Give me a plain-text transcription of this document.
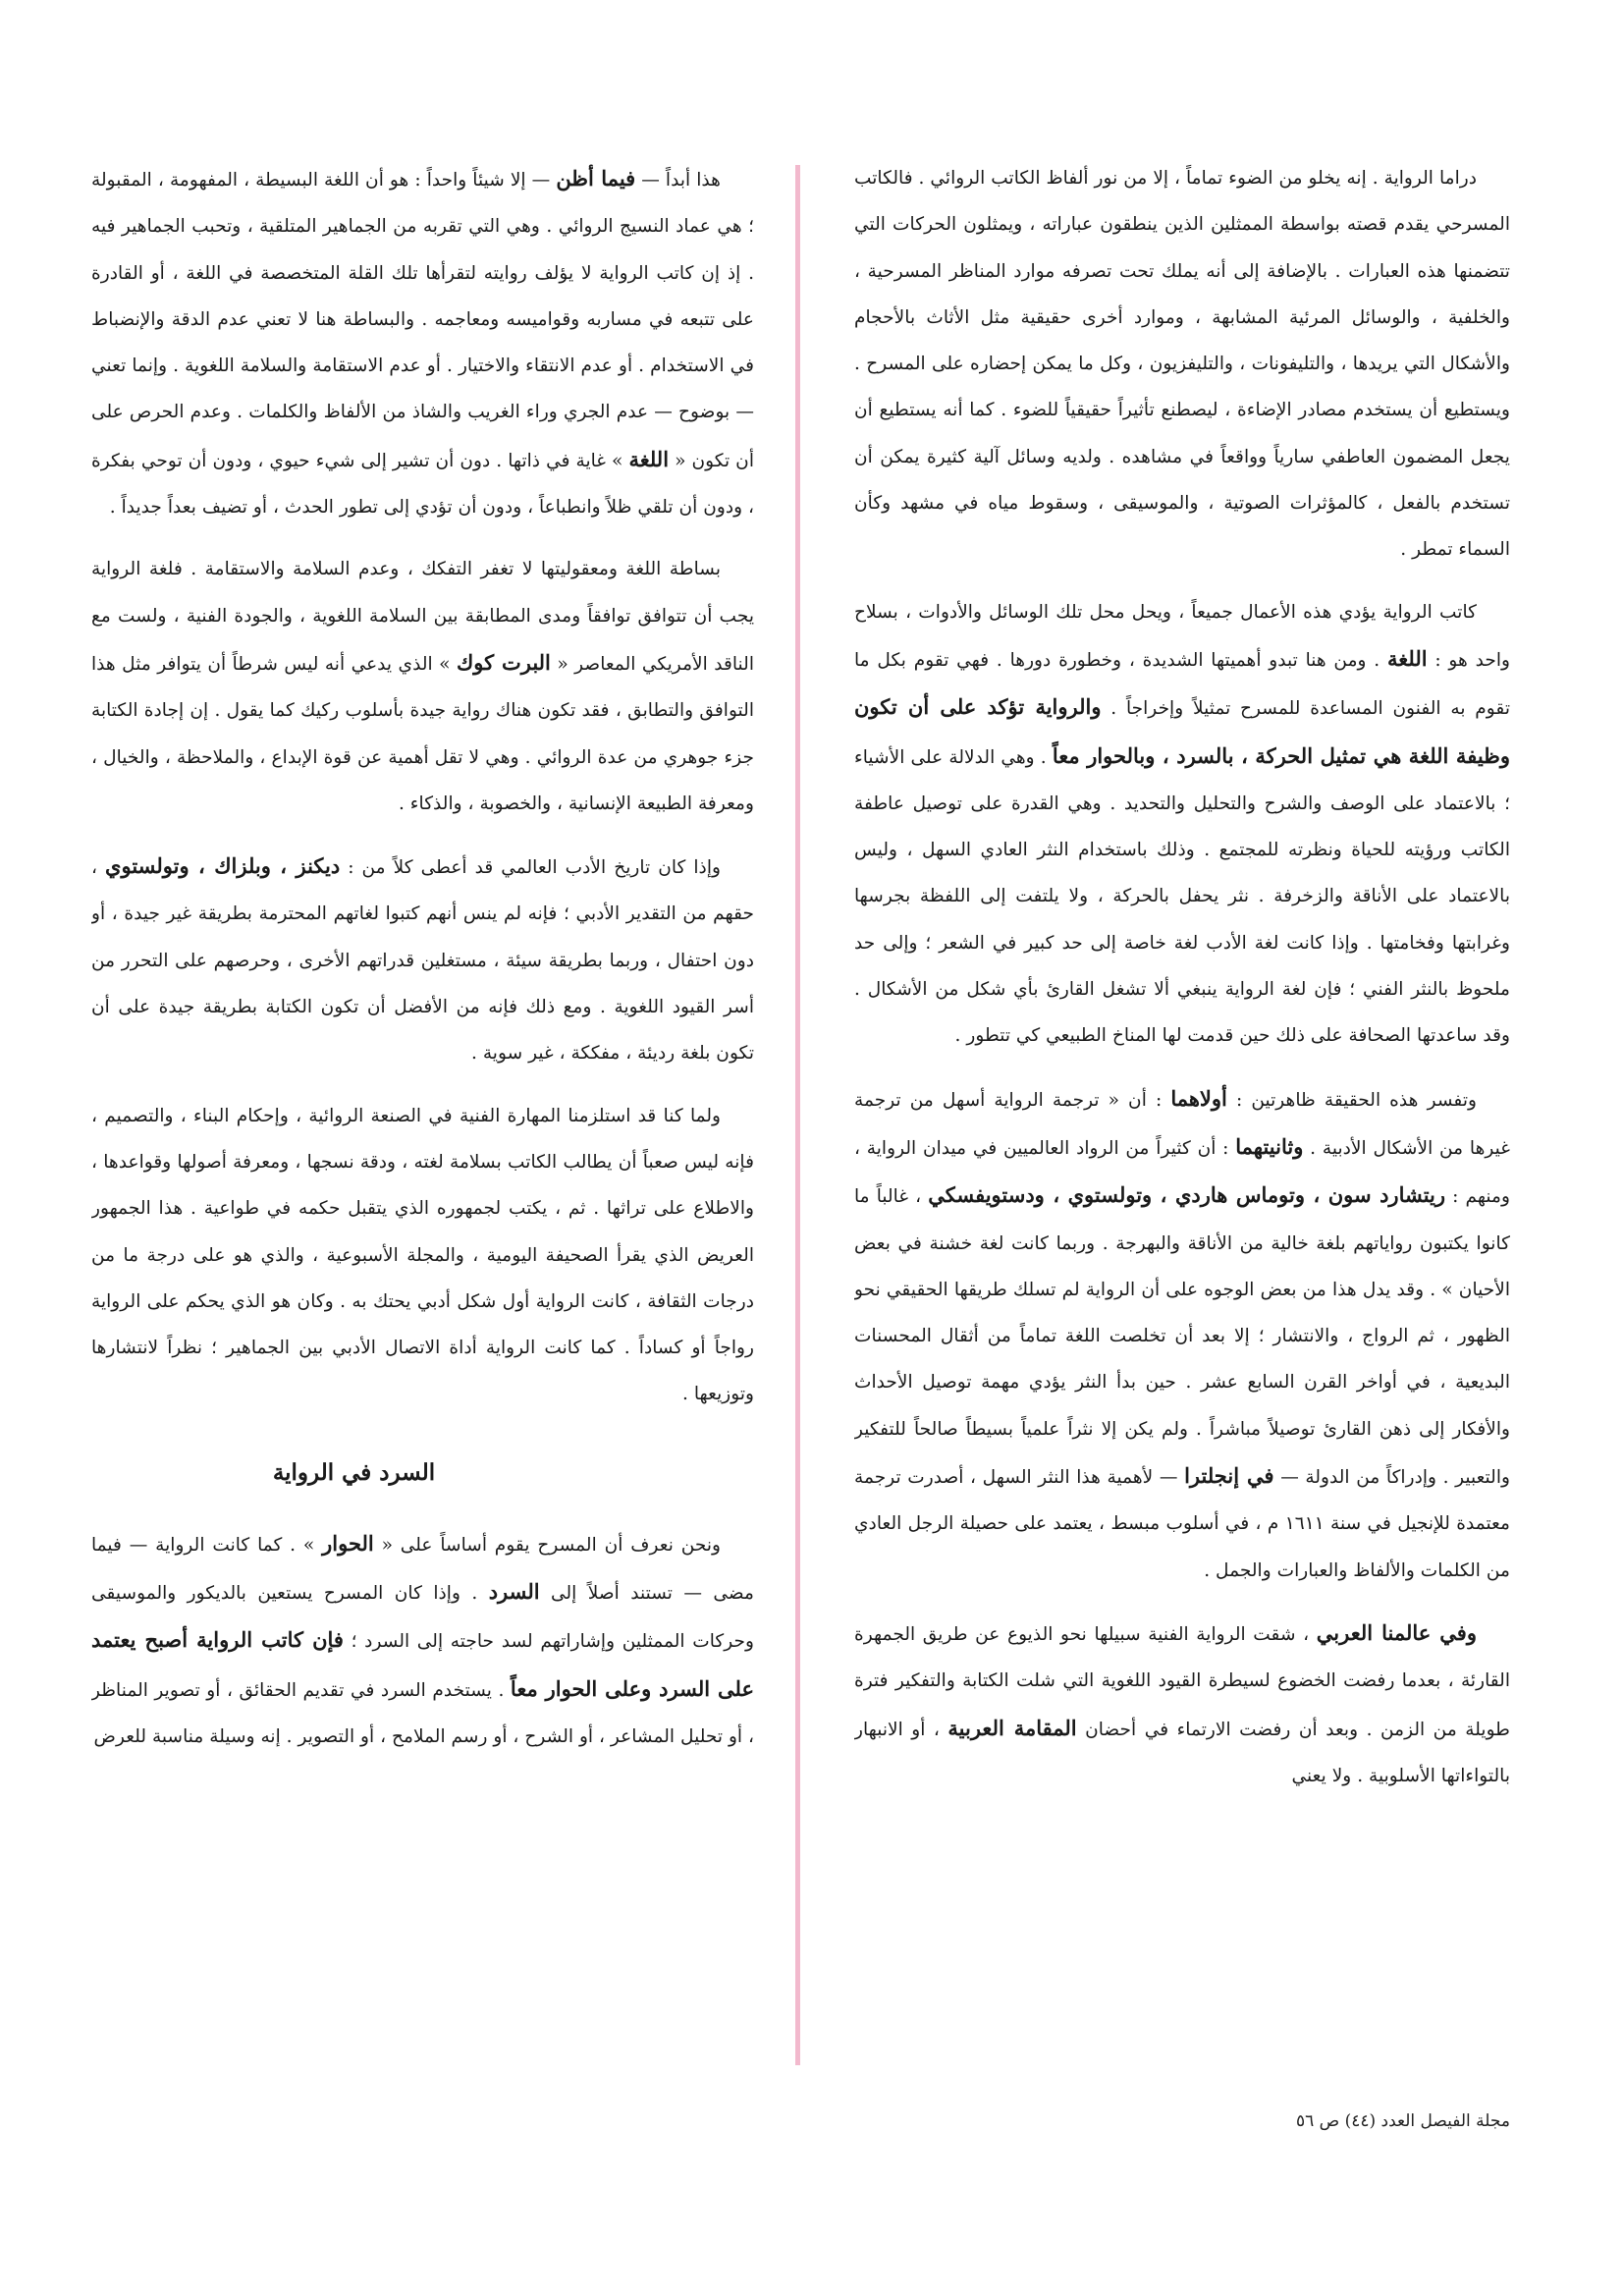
دراما الرواية . إنه يخلو من الضوء تماماً ، إلا من نور ألفاظ الكاتب الروائي . فالكاتب المسرحي يقدم قصته بواسطة الممثلين الذين ينطقون عباراته ، ويمثلون الحركات التي تتضمنها هذه العبارات . بالإضافة إلى أنه يملك تحت تصرفه موارد المناظر المسرحية ، والخلفية ، والوسائل المرئية المشابهة ، وموارد أخرى حقيقية مثل الأثاث بالأحجام والأشكال التي يريدها ، والتليفونات ، والتليفزيون ، وكل ما يمكن إحضاره على المسرح . ويستطيع أن يستخدم مصادر الإضاءة ، ليصطنع تأثيراً حقيقياً للضوء . كما أنه يستطيع أن يجعل المضمون العاطفي سارياً وواقعاً في مشاهده . ولديه وسائل آلية كثيرة يمكن أن تستخدم بالفعل ، كالمؤثرات الصوتية ، والموسيقى ، وسقوط مياه في مشهد وكأن السماء تمطر .

كاتب الرواية يؤدي هذه الأعمال جميعاً ، ويحل محل تلك الوسائل والأدوات ، بسلاح واحد هو : اللغة . ومن هنا تبدو أهميتها الشديدة ، وخطورة دورها . فهي تقوم بكل ما تقوم به الفنون المساعدة للمسرح تمثيلاً وإخراجاً . والرواية تؤكد على أن تكون وظيفة اللغة هي تمثيل الحركة ، بالسرد ، وبالحوار معاً . وهي الدلالة على الأشياء ؛ بالاعتماد على الوصف والشرح والتحليل والتحديد . وهي القدرة على توصيل عاطفة الكاتب ورؤيته للحياة ونظرته للمجتمع . وذلك باستخدام النثر العادي السهل ، وليس بالاعتماد على الأناقة والزخرفة . نثر يحفل بالحركة ، ولا يلتفت إلى اللفظة بجرسها وغرابتها وفخامتها . وإذا كانت لغة الأدب لغة خاصة إلى حد كبير في الشعر ؛ وإلى حد ملحوظ بالنثر الفني ؛ فإن لغة الرواية ينبغي ألا تشغل القارئ بأي شكل من الأشكال . وقد ساعدتها الصحافة على ذلك حين قدمت لها المناخ الطبيعي كي تتطور .

وتفسر هذه الحقيقة ظاهرتين : أولاهما : أن « ترجمة الرواية أسهل من ترجمة غيرها من الأشكال الأدبية . وثانيتهما : أن كثيراً من الرواد العالميين في ميدان الرواية ، ومنهم : ريتشارد سون ، وتوماس هاردي ، وتولستوي ، ودستويفسكي ، غالباً ما كانوا يكتبون رواياتهم بلغة خالية من الأناقة والبهرجة . وربما كانت لغة خشنة في بعض الأحيان » . وقد يدل هذا من بعض الوجوه على أن الرواية لم تسلك طريقها الحقيقي نحو الظهور ، ثم الرواج ، والانتشار ؛ إلا بعد أن تخلصت اللغة تماماً من أثقال المحسنات البديعية ، في أواخر القرن السابع عشر . حين بدأ النثر يؤدي مهمة توصيل الأحداث والأفكار إلى ذهن القارئ توصيلاً مباشراً . ولم يكن إلا نثراً علمياً بسيطاً صالحاً للتفكير والتعبير . وإدراكاً من الدولة — في إنجلترا — لأهمية هذا النثر السهل ، أصدرت ترجمة معتمدة للإنجيل في سنة ١٦١١ م ، في أسلوب مبسط ، يعتمد على حصيلة الرجل العادي من الكلمات والألفاظ والعبارات والجمل .

وفي عالمنا العربي ، شقت الرواية الفنية سبيلها نحو الذيوع عن طريق الجمهرة القارئة ، بعدما رفضت الخضوع لسيطرة القيود اللغوية التي شلت الكتابة والتفكير فترة طويلة من الزمن . وبعد أن رفضت الارتماء في أحضان المقامة العربية ، أو الانبهار بالتواءاتها الأسلوبية . ولا يعني

هذا أبداً — فيما أظن — إلا شيئاً واحداً : هو أن اللغة البسيطة ، المفهومة ، المقبولة ؛ هي عماد النسيج الروائي . وهي التي تقربه من الجماهير المتلقية ، وتحبب الجماهير فيه . إذ إن كاتب الرواية لا يؤلف روايته لتقرأها تلك القلة المتخصصة في اللغة ، أو القادرة على تتبعه في مساربه وقواميسه ومعاجمه . والبساطة هنا لا تعني عدم الدقة والإنضباط في الاستخدام . أو عدم الانتقاء والاختيار . أو عدم الاستقامة والسلامة اللغوية . وإنما تعني — بوضوح — عدم الجري وراء الغريب والشاذ من الألفاظ والكلمات . وعدم الحرص على أن تكون « اللغة » غاية في ذاتها . دون أن تشير إلى شيء حيوي ، ودون أن توحي بفكرة ، ودون أن تلقي ظلاً وانطباعاً ، ودون أن تؤدي إلى تطور الحدث ، أو تضيف بعداً جديداً .

بساطة اللغة ومعقوليتها لا تغفر التفكك ، وعدم السلامة والاستقامة . فلغة الرواية يجب أن تتوافق توافقاً ومدى المطابقة بين السلامة اللغوية ، والجودة الفنية ، ولست مع الناقد الأمريكي المعاصر « البرت كوك » الذي يدعي أنه ليس شرطاً أن يتوافر مثل هذا التوافق والتطابق ، فقد تكون هناك رواية جيدة بأسلوب ركيك كما يقول . إن إجادة الكتابة جزء جوهري من عدة الروائي . وهي لا تقل أهمية عن قوة الإبداع ، والملاحظة ، والخيال ، ومعرفة الطبيعة الإنسانية ، والخصوبة ، والذكاء .

وإذا كان تاريخ الأدب العالمي قد أعطى كلاً من : ديكنز ، وبلزاك ، وتولستوي ، حقهم من التقدير الأدبي ؛ فإنه لم ينس أنهم كتبوا لغاتهم المحترمة بطريقة غير جيدة ، أو دون احتفال ، وربما بطريقة سيئة ، مستغلين قدراتهم الأخرى ، وحرصهم على التحرر من أسر القيود اللغوية . ومع ذلك فإنه من الأفضل أن تكون الكتابة بطريقة جيدة على أن تكون بلغة رديئة ، مفككة ، غير سوية .

ولما كنا قد استلزمنا المهارة الفنية في الصنعة الروائية ، وإحكام البناء ، والتصميم ، فإنه ليس صعباً أن يطالب الكاتب بسلامة لغته ، ودقة نسجها ، ومعرفة أصولها وقواعدها ، والاطلاع على تراثها . ثم ، يكتب لجمهوره الذي يتقبل حكمه في طواعية . هذا الجمهور العريض الذي يقرأ الصحيفة اليومية ، والمجلة الأسبوعية ، والذي هو على درجة ما من درجات الثقافة ، كانت الرواية أول شكل أدبي يحتك به . وكان هو الذي يحكم على الرواية رواجاً أو كساداً . كما كانت الرواية أداة الاتصال الأدبي بين الجماهير ؛ نظراً لانتشارها وتوزيعها .

السرد في الرواية

ونحن نعرف أن المسرح يقوم أساساً على « الحوار » . كما كانت الرواية — فيما مضى — تستند أصلاً إلى السرد . وإذا كان المسرح يستعين بالديكور والموسيقى وحركات الممثلين وإشاراتهم لسد حاجته إلى السرد ؛ فإن كاتب الرواية أصبح يعتمد على السرد وعلى الحوار معاً . يستخدم السرد في تقديم الحقائق ، أو تصوير المناظر ، أو تحليل المشاعر ، أو الشرح ، أو رسم الملامح ، أو التصوير . إنه وسيلة مناسبة للعرض

مجلة الفيصل العدد (٤٤) ص ٥٦
